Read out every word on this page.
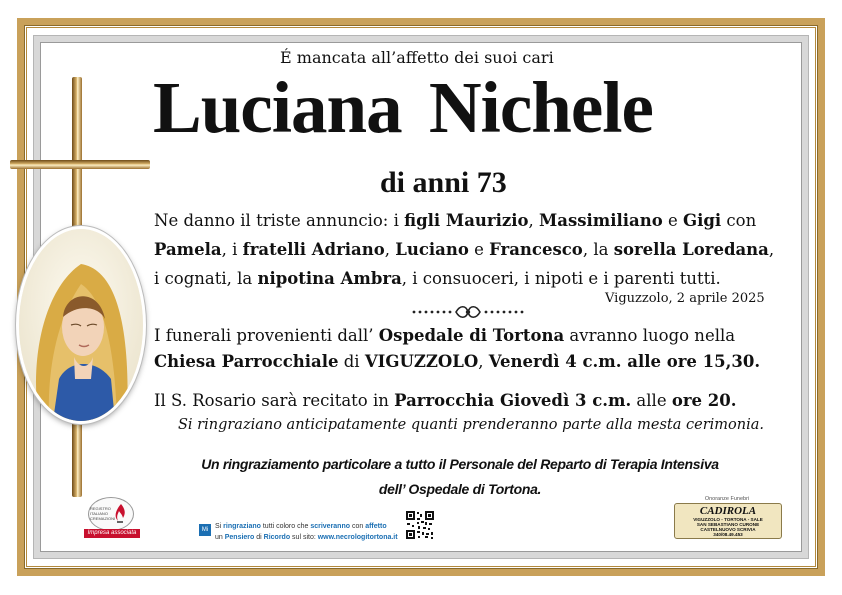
É mancata all’affetto dei suoi cari
Luciana Nichele
di anni 73
Ne danno il triste annuncio: i figli Maurizio, Massimiliano e Gigi con
Pamela, i fratelli Adriano, Luciano e Francesco, la sorella Loredana,
i cognati, la nipotina Ambra, i consuoceri, i nipoti e i parenti tutti.
Viguzzolo, 2 aprile 2025
I funerali provenienti dall’ Ospedale di Tortona avranno luogo nella
Chiesa Parrocchiale di VIGUZZOLO, Venerdì 4 c.m. alle ore 15,30.
Il S. Rosario sarà recitato in Parrocchia Giovedì 3 c.m. alle ore 20.
Si ringraziano anticipatamente quanti prenderanno parte alla mesta cerimonia.
Un ringraziamento particolare a tutto il Personale del Reparto di Terapia Intensiva
dell’ Ospedale di Tortona.
REGISTRO
ITALIANO
CREMAZIONI
Impresa associata	Mi Si ringraziano tutti coloro che scriveranno con affetto
un Pensiero di Ricordo sul sito: www.necrologitortona.it
Onoranze Funebri
CADIROLA
VIGUZZOLO - TORTONA - SALE
SAN SEBASTIANO CURONE
CASTELNUOVO SCRIVIA
340/08.49.453
